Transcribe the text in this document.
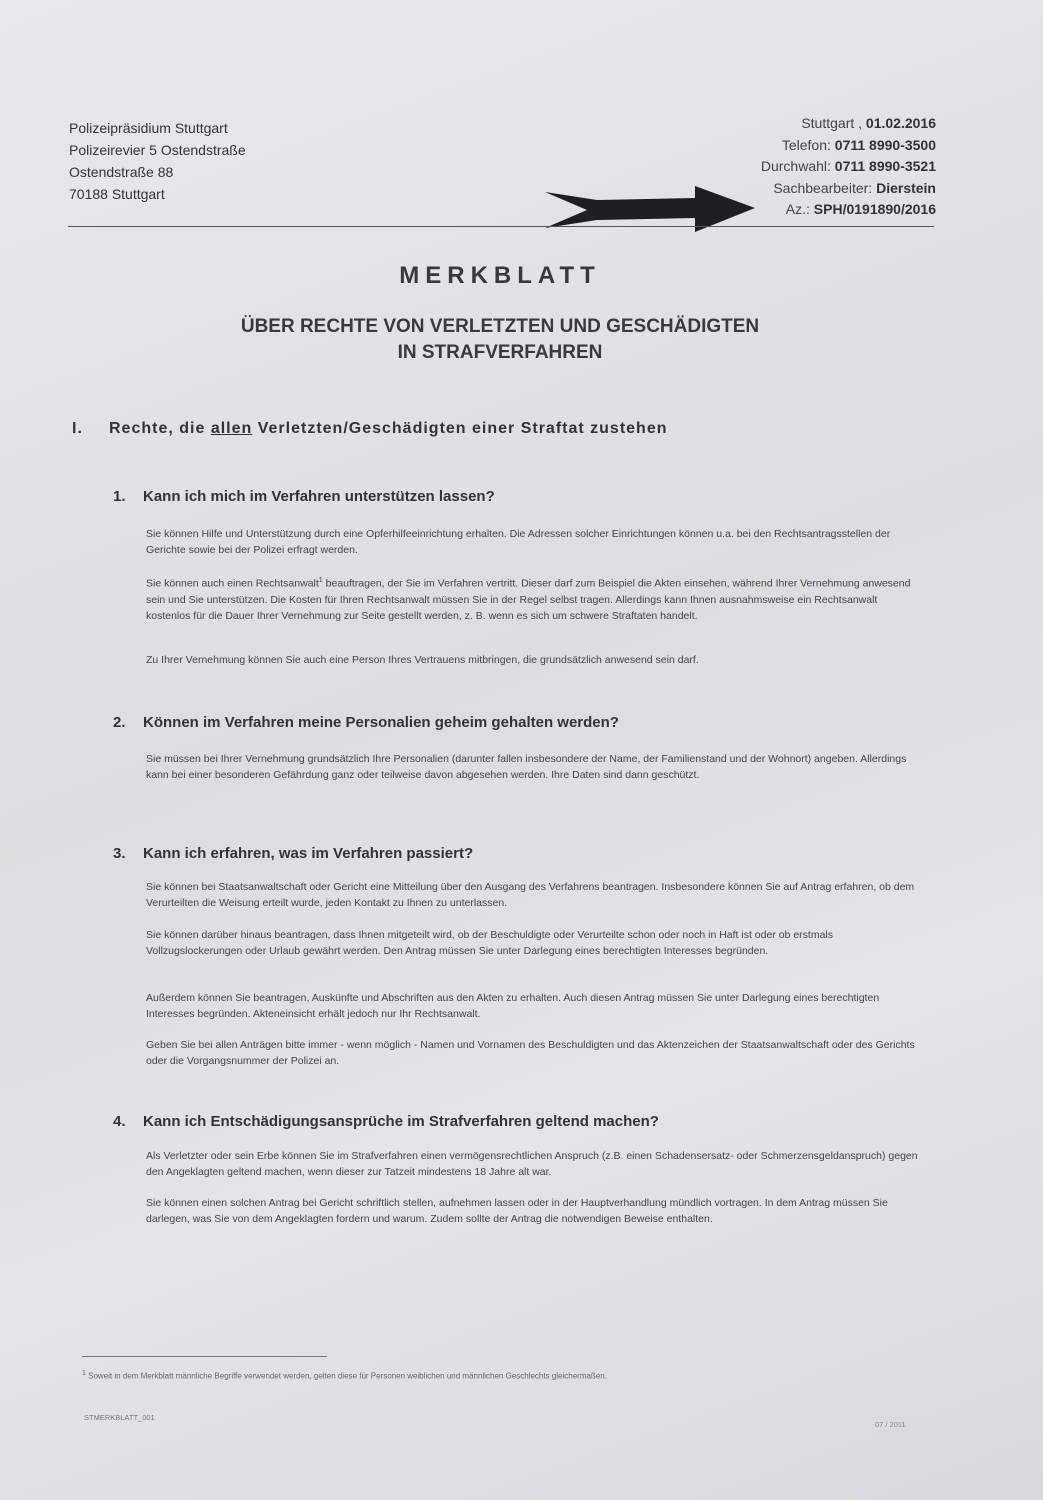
Polizeipräsidium Stuttgart
Polizeirevier 5 Ostendstraße
Ostendstraße 88
70188 Stuttgart
Stuttgart , 01.02.2016
Telefon: 0711 8990-3500
Durchwahl: 0711 8990-3521
Sachbearbeiter: Dierstein
Az.: SPH/0191890/2016
MERKBLATT
ÜBER RECHTE VON VERLETZTEN UND GESCHÄDIGTEN
IN STRAFVERFAHREN
I. Rechte, die allen Verletzten/Geschädigten einer Straftat zustehen
1. Kann ich mich im Verfahren unterstützen lassen?
Sie können Hilfe und Unterstützung durch eine Opferhilfeeinrichtung erhalten. Die Adressen solcher Einrichtungen können u.a. bei den Rechtsantragsstellen der Gerichte sowie bei der Polizei erfragt werden.
Sie können auch einen Rechtsanwalt$^1$ beauftragen, der Sie im Verfahren vertritt. Dieser darf zum Beispiel die Akten einsehen, während Ihrer Vernehmung anwesend sein und Sie unterstützen. Die Kosten für Ihren Rechtsanwalt müssen Sie in der Regel selbst tragen. Allerdings kann Ihnen ausnahmsweise ein Rechtsanwalt kostenlos für die Dauer Ihrer Vernehmung zur Seite gestellt werden, z. B. wenn es sich um schwere Straftaten handelt.
Zu Ihrer Vernehmung können Sie auch eine Person Ihres Vertrauens mitbringen, die grundsätzlich anwesend sein darf.
2. Können im Verfahren meine Personalien geheim gehalten werden?
Sie müssen bei Ihrer Vernehmung grundsätzlich Ihre Personalien (darunter fallen insbesondere der Name, der Familienstand und der Wohnort) angeben. Allerdings kann bei einer besonderen Gefährdung ganz oder teilweise davon abgesehen werden. Ihre Daten sind dann geschützt.
3. Kann ich erfahren, was im Verfahren passiert?
Sie können bei Staatsanwaltschaft oder Gericht eine Mitteilung über den Ausgang des Verfahrens beantragen. Insbesondere können Sie auf Antrag erfahren, ob dem Verurteilten die Weisung erteilt wurde, jeden Kontakt zu Ihnen zu unterlassen.
Sie können darüber hinaus beantragen, dass Ihnen mitgeteilt wird, ob der Beschuldigte oder Verurteilte schon oder noch in Haft ist oder ob erstmals Vollzugslockerungen oder Urlaub gewährt werden. Den Antrag müssen Sie unter Darlegung eines berechtigten Interesses begründen.
Außerdem können Sie beantragen, Auskünfte und Abschriften aus den Akten zu erhalten. Auch diesen Antrag müssen Sie unter Darlegung eines berechtigten Interesses begründen. Akteneinsicht erhält jedoch nur Ihr Rechtsanwalt.
Geben Sie bei allen Anträgen bitte immer - wenn möglich - Namen und Vornamen des Beschuldigten und das Aktenzeichen der Staatsanwaltschaft oder des Gerichts oder die Vorgangsnummer der Polizei an.
4. Kann ich Entschädigungsansprüche im Strafverfahren geltend machen?
Als Verletzter oder sein Erbe können Sie im Strafverfahren einen vermögensrechtlichen Anspruch (z.B. einen Schadensersatz- oder Schmerzensgeldanspruch) gegen den Angeklagten geltend machen, wenn dieser zur Tatzeit mindestens 18 Jahre alt war.
Sie können einen solchen Antrag bei Gericht schriftlich stellen, aufnehmen lassen oder in der Hauptverhandlung mündlich vortragen. In dem Antrag müssen Sie darlegen, was Sie von dem Angeklagten fordern und warum. Zudem sollte der Antrag die notwendigen Beweise enthalten.
$^1$ Soweit in dem Merkblatt männliche Begriffe verwendet werden, gelten diese für Personen weiblichen und männlichen Geschlechts gleichermaßen.
STMERKBLATT_001
07 / 2011
